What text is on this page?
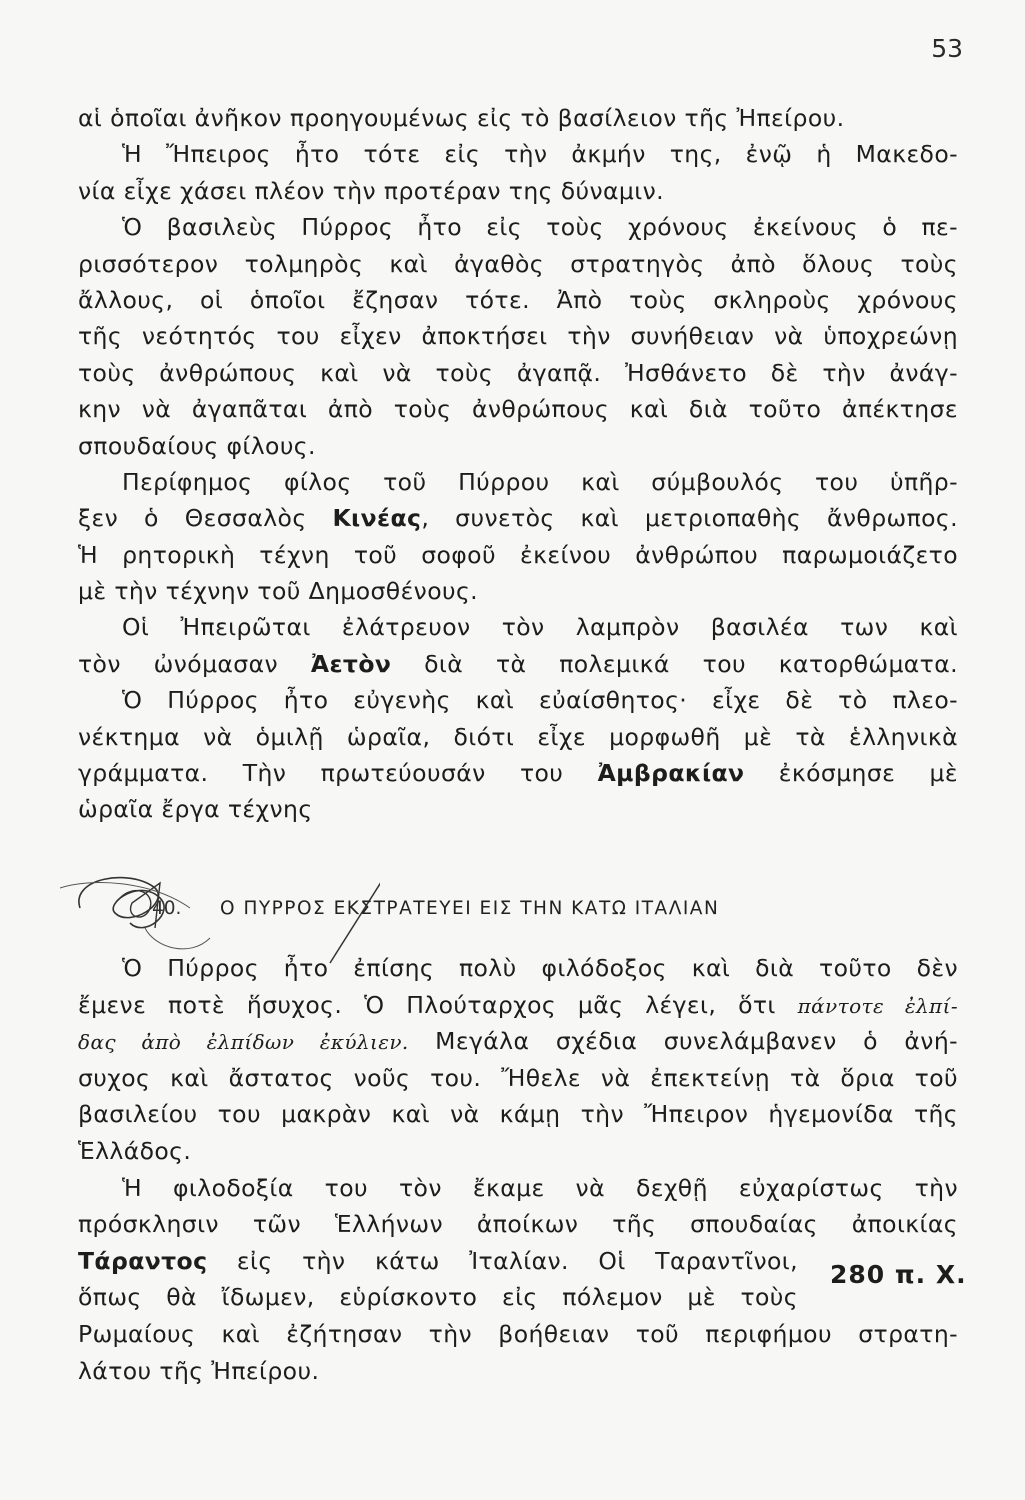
53
αἱ ὁποῖαι ἀνῆκον προηγουμένως εἰς τὸ βασίλειον τῆς Ἠπείρου.
Ἡ Ἤπειρος ἦτο τότε εἰς τὴν ἀκμήν της, ἐνῷ ἡ Μακεδο-
νία εἶχε χάσει πλέον τὴν προτέραν της δύναμιν.
Ὁ βασιλεὺς Πύρρος ἦτο εἰς τοὺς χρόνους ἐκείνους ὁ πε-
ρισσότερον τολμηρὸς καὶ ἀγαθὸς στρατηγὸς ἀπὸ ὅλους τοὺς
ἄλλους, οἱ ὁποῖοι ἔζησαν τότε. Ἀπὸ τοὺς σκληροὺς χρόνους
τῆς νεότητός του εἶχεν ἀποκτήσει τὴν συνήθειαν νὰ ὑποχρεώνῃ
τοὺς ἀνθρώπους καὶ νὰ τοὺς ἀγαπᾷ. Ἠσθάνετο δὲ τὴν ἀνάγ-
κην νὰ ἀγαπᾶται ἀπὸ τοὺς ἀνθρώπους καὶ διὰ τοῦτο ἀπέκτησε
σπουδαίους φίλους.
Περίφημος φίλος τοῦ Πύρρου καὶ σύμβουλός του ὑπῆρ-
ξεν ὁ Θεσσαλὸς Κινέας, συνετὸς καὶ μετριοπαθὴς ἄνθρωπος.
Ἡ ρητορικὴ τέχνη τοῦ σοφοῦ ἐκείνου ἀνθρώπου παρωμοιάζετο
μὲ τὴν τέχνην τοῦ Δημοσθένους.
Οἱ Ἠπειρῶται ἐλάτρευον τὸν λαμπρὸν βασιλέα των καὶ
τὸν ὠνόμασαν Ἀετὸν διὰ τὰ πολεμικά του κατορθώματα.
Ὁ Πύρρος ἦτο εὐγενὴς καὶ εὐαίσθητος· εἶχε δὲ τὸ πλεο-
νέκτημα νὰ ὁμιλῇ ὡραῖα, διότι εἶχε μορφωθῆ μὲ τὰ ἑλληνικὰ
γράμματα. Τὴν πρωτεύουσάν του Ἀμβρακίαν ἐκόσμησε μὲ
ὡραῖα ἔργα τέχνης
40. Ο ΠΥΡΡΟΣ ΕΚΣΤΡΑΤΕΥΕΙ ΕΙΣ ΤΗΝ ΚΑΤΩ ΙΤΑΛΙΑΝ
Ὁ Πύρρος ἦτο ἐπίσης πολὺ φιλόδοξος καὶ διὰ τοῦτο δὲν
ἔμενε ποτὲ ἥσυχος. Ὁ Πλούταρχος μᾶς λέγει, ὅτι πάντοτε ἐλπί-
δας ἀπὸ ἐλπίδων ἐκύλιεν. Μεγάλα σχέδια συνελάμβανεν ὁ ἀνή-
συχος καὶ ἄστατος νοῦς του. Ἤθελε νὰ ἐπεκτείνῃ τὰ ὅρια τοῦ
βασιλείου του μακρὰν καὶ νὰ κάμῃ τὴν Ἤπειρον ἡγεμονίδα τῆς
Ἑλλάδος.
Ἡ φιλοδοξία του τὸν ἔκαμε νὰ δεχθῇ εὐχαρίστως τὴν
πρόσκλησιν τῶν Ἑλλήνων ἀποίκων τῆς σπουδαίας ἀποικίας
Τάραντος εἰς τὴν κάτω Ἰταλίαν. Οἱ Ταραντῖνοι,
ὅπως θὰ ἴδωμεν, εὑρίσκοντο εἰς πόλεμον μὲ τοὺς
Ρωμαίους καὶ ἐζήτησαν τὴν βοήθειαν τοῦ περιφήμου στρατη-
λάτου τῆς Ἠπείρου.
280 π. Χ.
